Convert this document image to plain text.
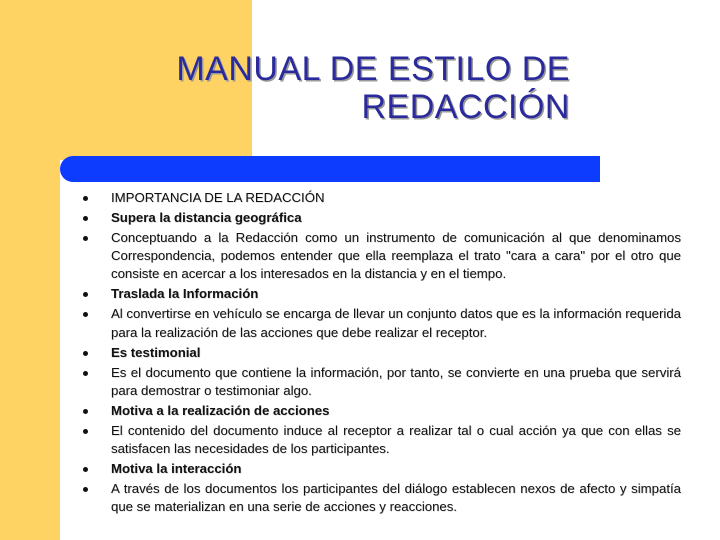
MANUAL DE ESTILO DE
REDACCIÓN
IMPORTANCIA DE LA REDACCIÓN
Supera la distancia geográfica
Conceptuando a la Redacción como un instrumento de comunicación al que denominamos Correspondencia, podemos entender que ella reemplaza el trato "cara a cara" por el otro que consiste en acercar a los interesados en la distancia y en el tiempo.
Traslada la Información
Al convertirse en vehículo se encarga de llevar un conjunto datos que es la información requerida para la realización de las acciones que debe realizar el receptor.
Es testimonial
Es el documento que contiene la información, por tanto, se convierte en una prueba que servirá para demostrar o testimoniar algo.
Motiva a la realización de acciones
El contenido del documento induce al receptor a realizar tal o cual acción ya que con ellas se satisfacen las necesidades de los participantes.
Motiva la interacción
A través de los documentos los participantes del diálogo establecen nexos de afecto y simpatía que se materializan en una serie de acciones y reacciones.
